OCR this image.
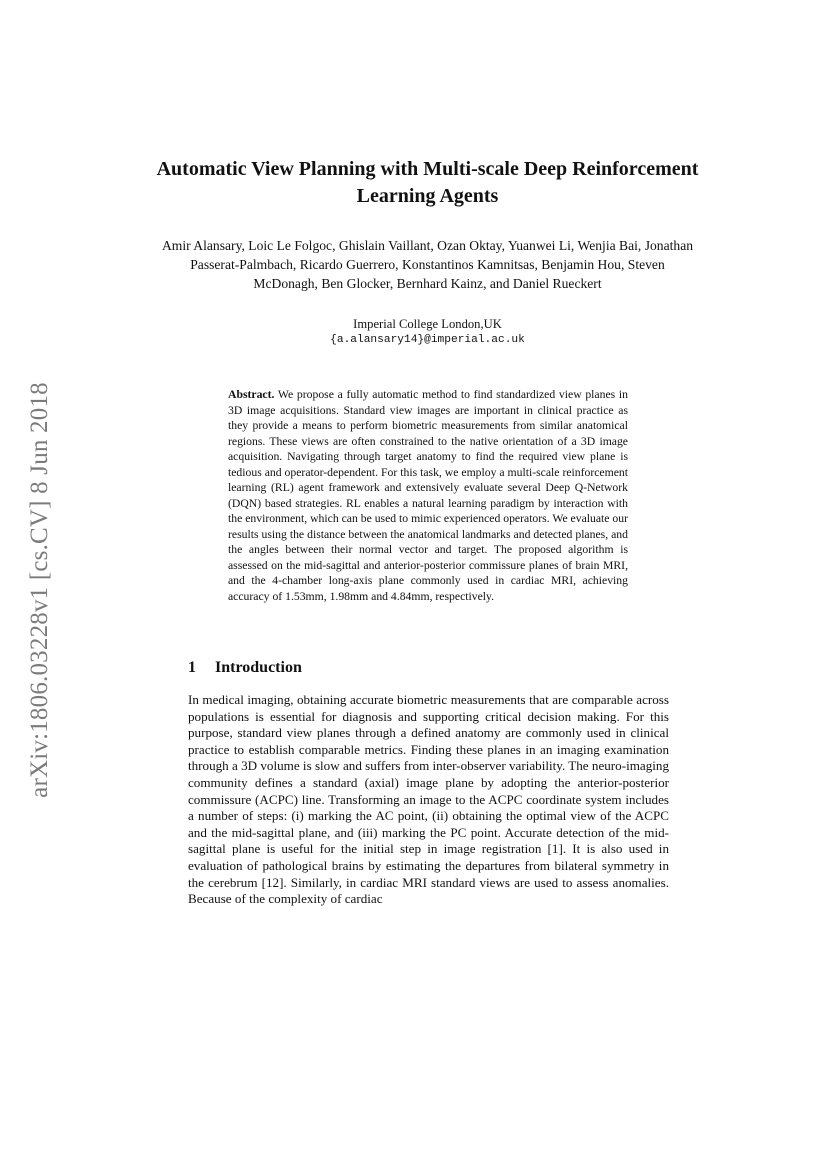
arXiv:1806.03228v1 [cs.CV] 8 Jun 2018
Automatic View Planning with Multi-scale Deep Reinforcement Learning Agents
Amir Alansary, Loic Le Folgoc, Ghislain Vaillant, Ozan Oktay, Yuanwei Li, Wenjia Bai, Jonathan Passerat-Palmbach, Ricardo Guerrero, Konstantinos Kamnitsas, Benjamin Hou, Steven McDonagh, Ben Glocker, Bernhard Kainz, and Daniel Rueckert
Imperial College London,UK
{a.alansary14}@imperial.ac.uk
Abstract. We propose a fully automatic method to find standardized view planes in 3D image acquisitions. Standard view images are important in clinical practice as they provide a means to perform biometric measurements from similar anatomical regions. These views are often constrained to the native orientation of a 3D image acquisition. Navigating through target anatomy to find the required view plane is tedious and operator-dependent. For this task, we employ a multi-scale reinforcement learning (RL) agent framework and extensively evaluate several Deep Q-Network (DQN) based strategies. RL enables a natural learning paradigm by interaction with the environment, which can be used to mimic experienced operators. We evaluate our results using the distance between the anatomical landmarks and detected planes, and the angles between their normal vector and target. The proposed algorithm is assessed on the mid-sagittal and anterior-posterior commissure planes of brain MRI, and the 4-chamber long-axis plane commonly used in cardiac MRI, achieving accuracy of 1.53mm, 1.98mm and 4.84mm, respectively.
1 Introduction
In medical imaging, obtaining accurate biometric measurements that are comparable across populations is essential for diagnosis and supporting critical decision making. For this purpose, standard view planes through a defined anatomy are commonly used in clinical practice to establish comparable metrics. Finding these planes in an imaging examination through a 3D volume is slow and suffers from inter-observer variability. The neuro-imaging community defines a standard (axial) image plane by adopting the anterior-posterior commissure (ACPC) line. Transforming an image to the ACPC coordinate system includes a number of steps: (i) marking the AC point, (ii) obtaining the optimal view of the ACPC and the mid-sagittal plane, and (iii) marking the PC point. Accurate detection of the mid-sagittal plane is useful for the initial step in image registration [1]. It is also used in evaluation of pathological brains by estimating the departures from bilateral symmetry in the cerebrum [12]. Similarly, in cardiac MRI standard views are used to assess anomalies. Because of the complexity of cardiac
